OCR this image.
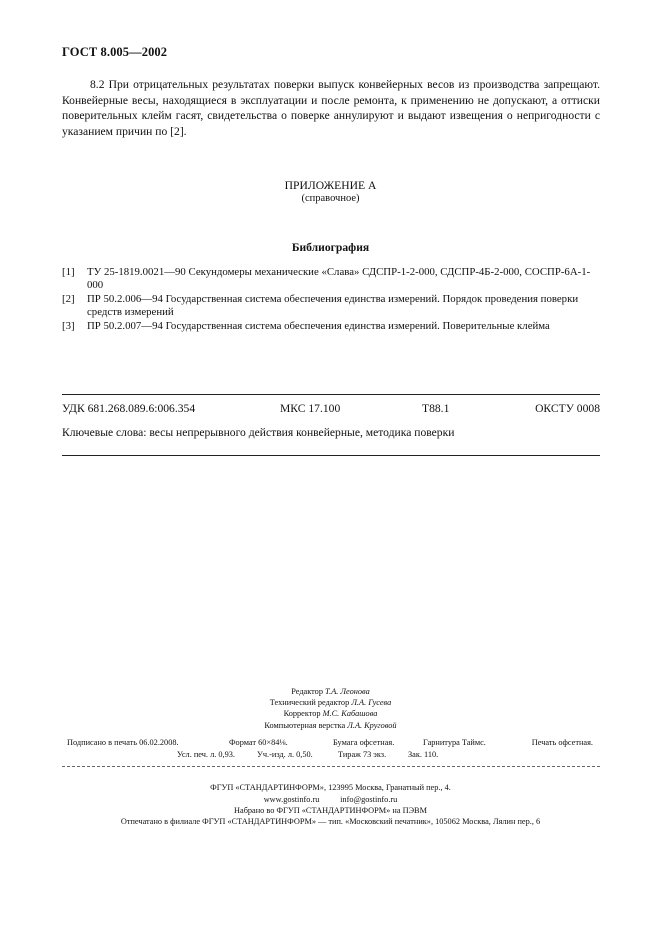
ГОСТ 8.005—2002

8.2 При отрицательных результатах поверки выпуск конвейерных весов из производства запрещают. Конвейерные весы, находящиеся в эксплуатации и после ремонта, к применению не допускают, а оттиски поверительных клейм гасят, свидетельства о поверке аннулируют и выдают извещения о непригодности с указанием причин по [2].

ПРИЛОЖЕНИЕ А
(справочное)
Библиография
[1] ТУ 25-1819.0021—90 Секундомеры механические «Слава» СДСПР-1-2-000, СДСПР-4Б-2-000, СОСПР-6А-1-000
[2] ПР 50.2.006—94 Государственная система обеспечения единства измерений. Порядок проведения поверки средств измерений
[3] ПР 50.2.007—94 Государственная система обеспечения единства измерений. Поверительные клейма
УДК 681.268.089.6:006.354	МКС 17.100	Т88.1	ОКСТУ 0008
Ключевые слова: весы непрерывного действия конвейерные, методика поверки
Редактор Т.А. Леонова
Технический редактор Л.А. Гусева
Корректор М.С. Кабашова
Компьютерная верстка Л.А. Круговой
Подписано в печать 06.02.2008.	Формат 60×84⅛.	Бумага офсетная.	Гарнитура Таймс.	Печать офсетная.
Усл. печ. л. 0,93.	Уч.-изд. л. 0,50.	Тираж 73 экз.	Зак. 110.
ФГУП «СТАНДАРТИНФОРМ», 123995 Москва, Гранатный пер., 4.
www.gostinfo.ru          info@gostinfo.ru
Набрано во ФГУП «СТАНДАРТИНФОРМ» на ПЭВМ
Отпечатано в филиале ФГУП «СТАНДАРТИНФОРМ» — тип. «Московский печатник», 105062 Москва, Лялин пер., 6
